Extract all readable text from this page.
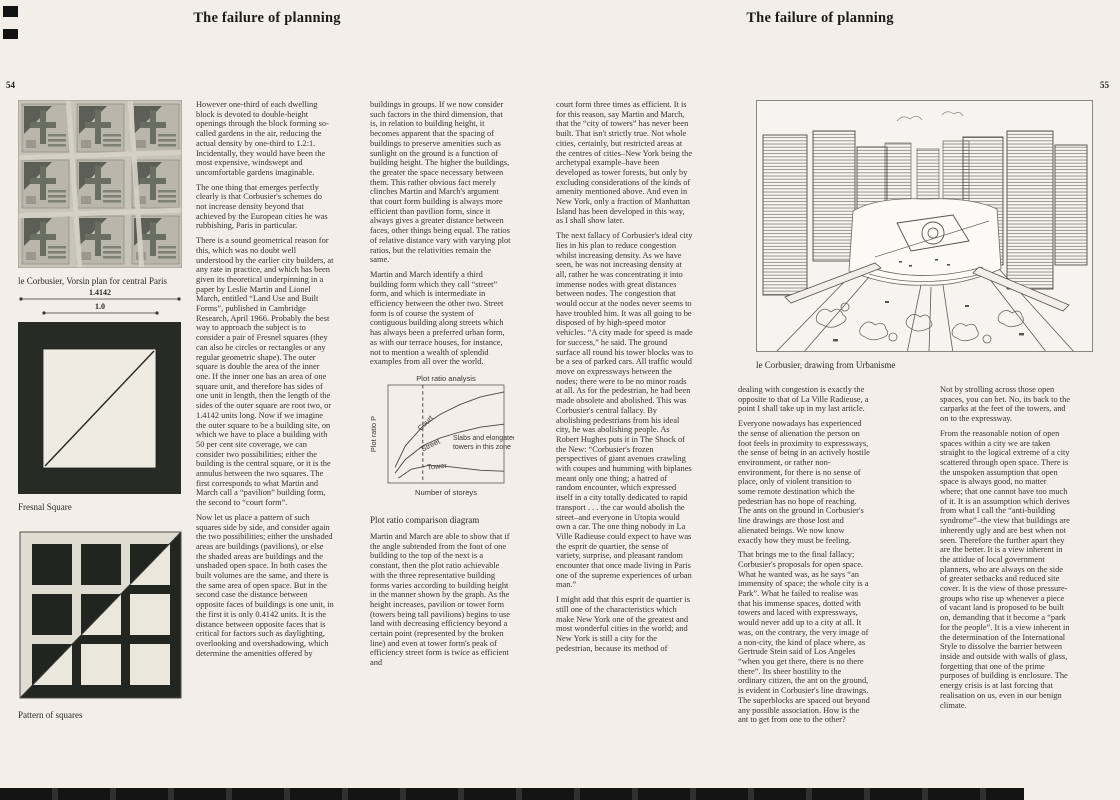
The failure of planning	The failure of planning
54	55
le Corbusier, Vorsin plan for central Paris
1.4142
1.0
Fresnal Square
Pattern of squares

However one-third of each dwelling block is devoted to double-height openings through the block forming so-called gardens in the air, reducing the actual density by one-third to 1.2:1. Incidentally, they would have been the most expensive, windswept and uncomfortable gardens imaginable.

The one thing that emerges perfectly clearly is that Corbusier's schemes do not increase density beyond that achieved by the European cities he was rubbishing, Paris in particular.

There is a sound geometrical reason for this, which was no doubt well understood by the earlier city builders, at any rate in practice, and which has been given its theoretical underpinning in a paper by Leslie Martin and Lionel March, entitled “Land Use and Built Forms”, published in Cambridge Research, April 1966. Probably the best way to approach the subject is to consider a pair of Fresnel squares (they can also be circles or rectangles or any regular geometric shape). The outer square is double the area of the inner one. If the inner one has an area of one square unit, and therefore has sides of one unit in length, then the length of the sides of the outer square are root two, or 1.4142 units long. Now if we imagine the outer square to be a building site, on which we have to place a building with 50 per cent site coverage, we can consider two possibilities; either the building is the central square, or it is the annulus between the two squares. The first corresponds to what Martin and March call a “pavilion” building form, the second to “court form”.

Now let us place a pattern of such squares side by side, and consider again the two possibilities; either the unshaded areas are buildings (pavilions), or else the shaded areas are buildings and the unshaded open space. In both cases the built volumes are the same, and there is the same area of open space. But in the second case the distance between opposite faces of buildings is one unit, in the first it is only 0.4142 units. It is the distance between opposite faces that is critical for factors such as daylighting, overlooking and overshadowing, which determine the amenities offered by

buildings in groups. If we now consider such factors in the third dimension, that is, in relation to building height, it becomes apparent that the spacing of buildings to preserve amenities such as sunlight on the ground is a function of building height. The higher the buildings, the greater the space necessary between them. This rather obvious fact merely clinches Martin and March's argument that court form building is always more efficient than pavilion form, since it always gives a greater distance between faces, other things being equal. The ratios of relative distance vary with varying plot ratios, but the relativities remain the same.

Martin and March identify a third building form which they call “street” form, and which is intermediate in efficiency between the other two. Street form is of course the system of contiguous building along streets which has always been a preferred urban form, as with our terrace houses, for instance, not to mention a wealth of splendid examples from all over the world.

Plot ratio analysis
Court
Street
Tower
Slabs and elongated
towers in this zone
Plot ratio P
Number of storeys
Plot ratio comparison diagram

Martin and March are able to show that if the angle subtended from the foot of one building to the top of the next is a constant, then the plot ratio achievable with the three representative building forms varies according to building height in the manner shown by the graph. As the height increases, pavilion or tower form (towers being tall pavilions) begins to use land with decreasing efficiency beyond a certain point (represented by the broken line) and even at tower form's peak of efficiency street form is twice as efficient and

court form three times as efficient. It is for this reason, say Martin and March, that the “city of towers” has never been built. That isn't strictly true. Not whole cities, certainly, but restricted areas at the centres of cities–New York being the archetypal example–have been developed as tower forests, but only by excluding considerations of the kinds of amenity mentioned above. And even in New York, only a fraction of Manhattan Island has been developed in this way, as I shall show later.

The next fallacy of Corbusier's ideal city lies in his plan to reduce congestion whilst increasing density. As we have seen, he was not increasing density at all, rather he was concentrating it into immense nodes with great distances between nodes. The congestion that would occur at the nodes never seems to have troubled him. It was all going to be disposed of by high-speed motor vehicles. “A city made for speed is made for success,” he said. The ground surface all round his tower blocks was to be a sea of parked cars. All traffic would move on expressways between the nodes; there were to be no minor roads at all. As for the pedestrian, he had been made obsolete and abolished. This was Corbusier's central fallacy. By abolishing pedestrians from his ideal city, he was abolishing people. As Robert Hughes puts it in The Shock of the New: “Corbusier's frozen perspectives of giant avenues crawling with coupes and humming with biplanes meant only one thing; a hatred of random encounter, which expressed itself in a city totally dedicated to rapid transport . . . the car would abolish the street–and everyone in Utopia would own a car. The one thing nobody in La Ville Radieuse could expect to have was the esprit de quartier, the sense of variety, surprise, and pleasant random encounter that once made living in Paris one of the supreme experiences of urban man.”

I might add that this esprit de quartier is still one of the characteristics which make New York one of the greatest and most wonderful cities in the world; and New York is still a city for the pedestrian, because its method of

le Corbusier, drawing from Urbanisme

dealing with congestion is exactly the opposite to that of La Ville Radieuse, a point I shall take up in my last article.

Everyone nowadays has experienced the sense of alienation the person on foot feels in proximity to expressways, the sense of being in an actively hostile environment, or rather non-environment, for there is no sense of place, only of violent transition to some remote destination which the pedestrian has no hope of reaching. The ants on the ground in Corbusier's line drawings are those lost and alienated beings. We now know exactly how they must be feeling.

That brings me to the final fallacy; Corbusier's proposals for open space. What he wanted was, as he says “an immensity of space; the whole city is a Park”. What he failed to realise was that his immense spaces, dotted with towers and laced with expressways, would never add up to a city at all. It was, on the contrary, the very image of a non-city, the kind of place where, as Gertrude Stein said of Los Angeles “when you get there, there is no there there”. Its sheer hostility to the ordinary citizen, the ant on the ground, is evident in Corbusier's line drawings. The superblocks are spaced out beyond any possible association. How is the ant to get from one to the other?

Not by strolling across those open spaces, you can bet. No, its back to the carparks at the feet of the towers, and on to the expressway.

From the reasonable notion of open spaces within a city we are taken straight to the logical extreme of a city scattered through open space. There is the unspoken assumption that open space is always good, no matter where; that one cannot have too much of it. It is an assumption which derives from what I call the “anti-building syndrome”–the view that buildings are inherently ugly and are best when not seen. Therefore the further apart they are the better. It is a view inherent in the attidue of local government planners, who are always on the side of greater setbacks and reduced site cover. It is the view of those pressure-groups who rise up whenever a piece of vacant land is proposed to be built on, demanding that it become a “park for the people”. It is a view inherent in the determination of the International Style to dissolve the barrier between inside and outside with walls of glass, forgetting that one of the prime purposes of building is enclosure. The energy crisis is at last forcing that realisation on us, even in our benign climate.
